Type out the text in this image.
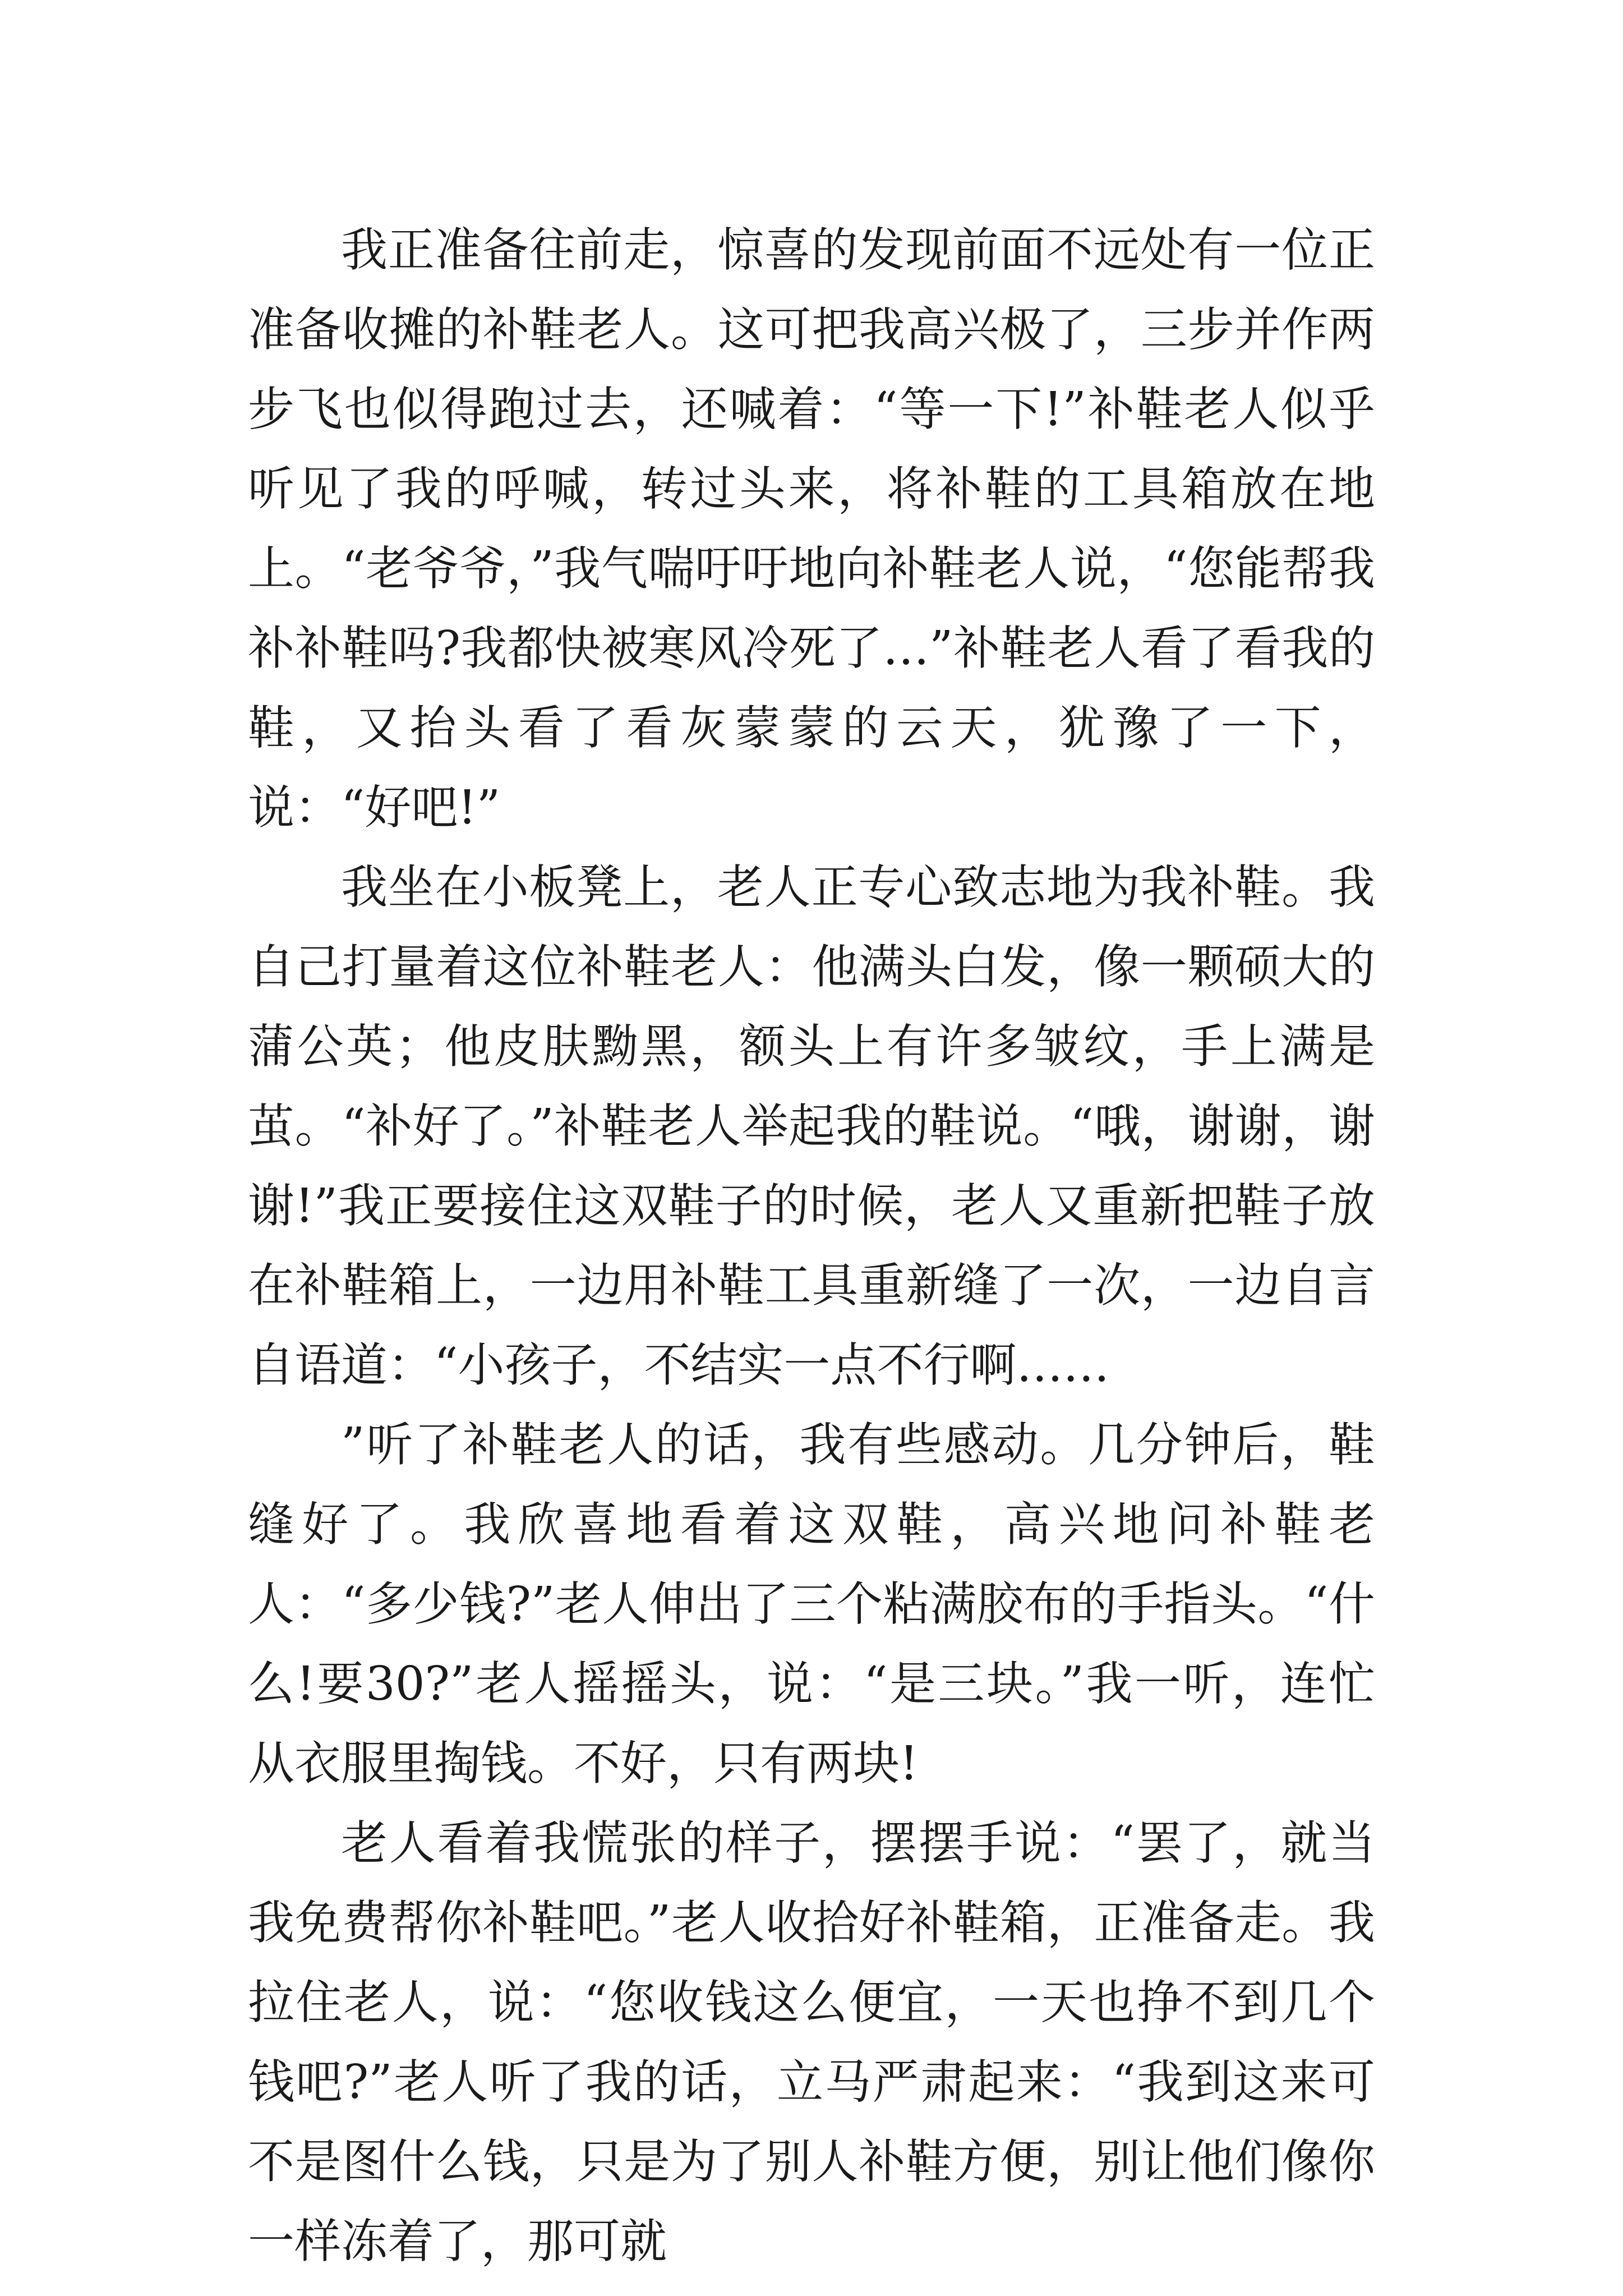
我正准备往前走，惊喜的发现前面不远处有一位正准备收摊的补鞋老人。这可把我高兴极了，三步并作两步飞也似得跑过去，还喊着：“等一下!”补鞋老人似乎听见了我的呼喊，转过头来，将补鞋的工具箱放在地上。“老爷爷，”我气喘吁吁地向补鞋老人说，“您能帮我补补鞋吗?我都快被寒风冷死了…”补鞋老人看了看我的鞋，又抬头看了看灰蒙蒙的云天，犹豫了一下，说：“好吧!”

我坐在小板凳上，老人正专心致志地为我补鞋。我自己打量着这位补鞋老人：他满头白发，像一颗硕大的蒲公英；他皮肤黝黑，额头上有许多皱纹，手上满是茧。“补好了。”补鞋老人举起我的鞋说。“哦，谢谢，谢谢!”我正要接住这双鞋子的时候，老人又重新把鞋子放在补鞋箱上，一边用补鞋工具重新缝了一次，一边自言自语道：“小孩子，不结实一点不行啊……

”听了补鞋老人的话，我有些感动。几分钟后，鞋缝好了。我欣喜地看着这双鞋，高兴地问补鞋老人：“多少钱?”老人伸出了三个粘满胶布的手指头。“什么!要30?”老人摇摇头，说：“是三块。”我一听，连忙从衣服里掏钱。不好，只有两块!

老人看着我慌张的样子，摆摆手说：“罢了，就当我免费帮你补鞋吧。”老人收拾好补鞋箱，正准备走。我拉住老人，说：“您收钱这么便宜，一天也挣不到几个钱吧?”老人听了我的话，立马严肃起来：“我到这来可不是图什么钱，只是为了别人补鞋方便，别让他们像你一样冻着了，那可就
